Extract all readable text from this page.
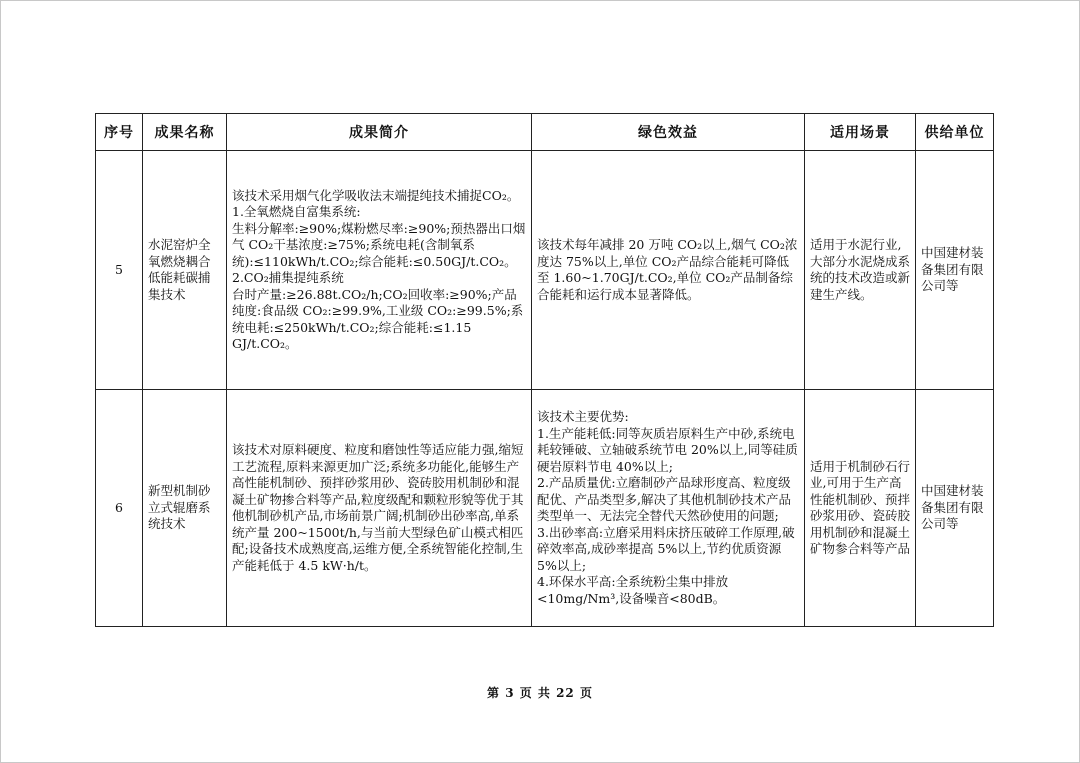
序号	成果名称	成果简介	绿色效益	适用场景	供给单位
5	水泥窑炉全氧燃烧耦合低能耗碳捕集技术	该技术采用烟气化学吸收法末端提纯技术捕捉CO₂。
1.全氧燃烧自富集系统:
生料分解率:≥90%;煤粉燃尽率:≥90%;预热器出口烟气 CO₂干基浓度:≥75%;系统电耗(含制氧系统):≤110kWh/t.CO₂;综合能耗:≤0.50GJ/t.CO₂。
2.CO₂捕集提纯系统
台时产量:≥26.88t.CO₂/h;CO₂回收率:≥90%;产品纯度:食品级 CO₂:≥99.9%,工业级 CO₂:≥99.5%;系统电耗:≤250kWh/t.CO₂;综合能耗:≤1.15 GJ/t.CO₂。	该技术每年减排 20 万吨 CO₂以上,烟气 CO₂浓度达 75%以上,单位 CO₂产品综合能耗可降低至 1.60~1.70GJ/t.CO₂,单位 CO₂产品制备综合能耗和运行成本显著降低。	适用于水泥行业,大部分水泥烧成系统的技术改造或新建生产线。	中国建材装备集团有限公司等
6	新型机制砂立式辊磨系统技术	该技术对原料硬度、粒度和磨蚀性等适应能力强,缩短工艺流程,原料来源更加广泛;系统多功能化,能够生产高性能机制砂、预拌砂浆用砂、瓷砖胶用机制砂和混凝土矿物掺合料等产品,粒度级配和颗粒形貌等优于其他机制砂机产品,市场前景广阔;机制砂出砂率高,单系统产量 200~1500t/h,与当前大型绿色矿山模式相匹配;设备技术成熟度高,运维方便,全系统智能化控制,生产能耗低于 4.5 kW·h/t。	该技术主要优势:
1.生产能耗低:同等灰质岩原料生产中砂,系统电耗较锤破、立轴破系统节电 20%以上,同等硅质硬岩原料节电 40%以上;
2.产品质量优:立磨制砂产品球形度高、粒度级配优、产品类型多,解决了其他机制砂技术产品类型单一、无法完全替代天然砂使用的问题;
3.出砂率高:立磨采用料床挤压破碎工作原理,破碎效率高,成砂率提高 5%以上,节约优质资源 5%以上;
4.环保水平高:全系统粉尘集中排放<10mg/Nm³,设备噪音<80dB。	适用于机制砂石行业,可用于生产高性能机制砂、预拌砂浆用砂、瓷砖胶用机制砂和混凝土矿物参合料等产品	中国建材装备集团有限公司等
第 3 页 共 22 页
